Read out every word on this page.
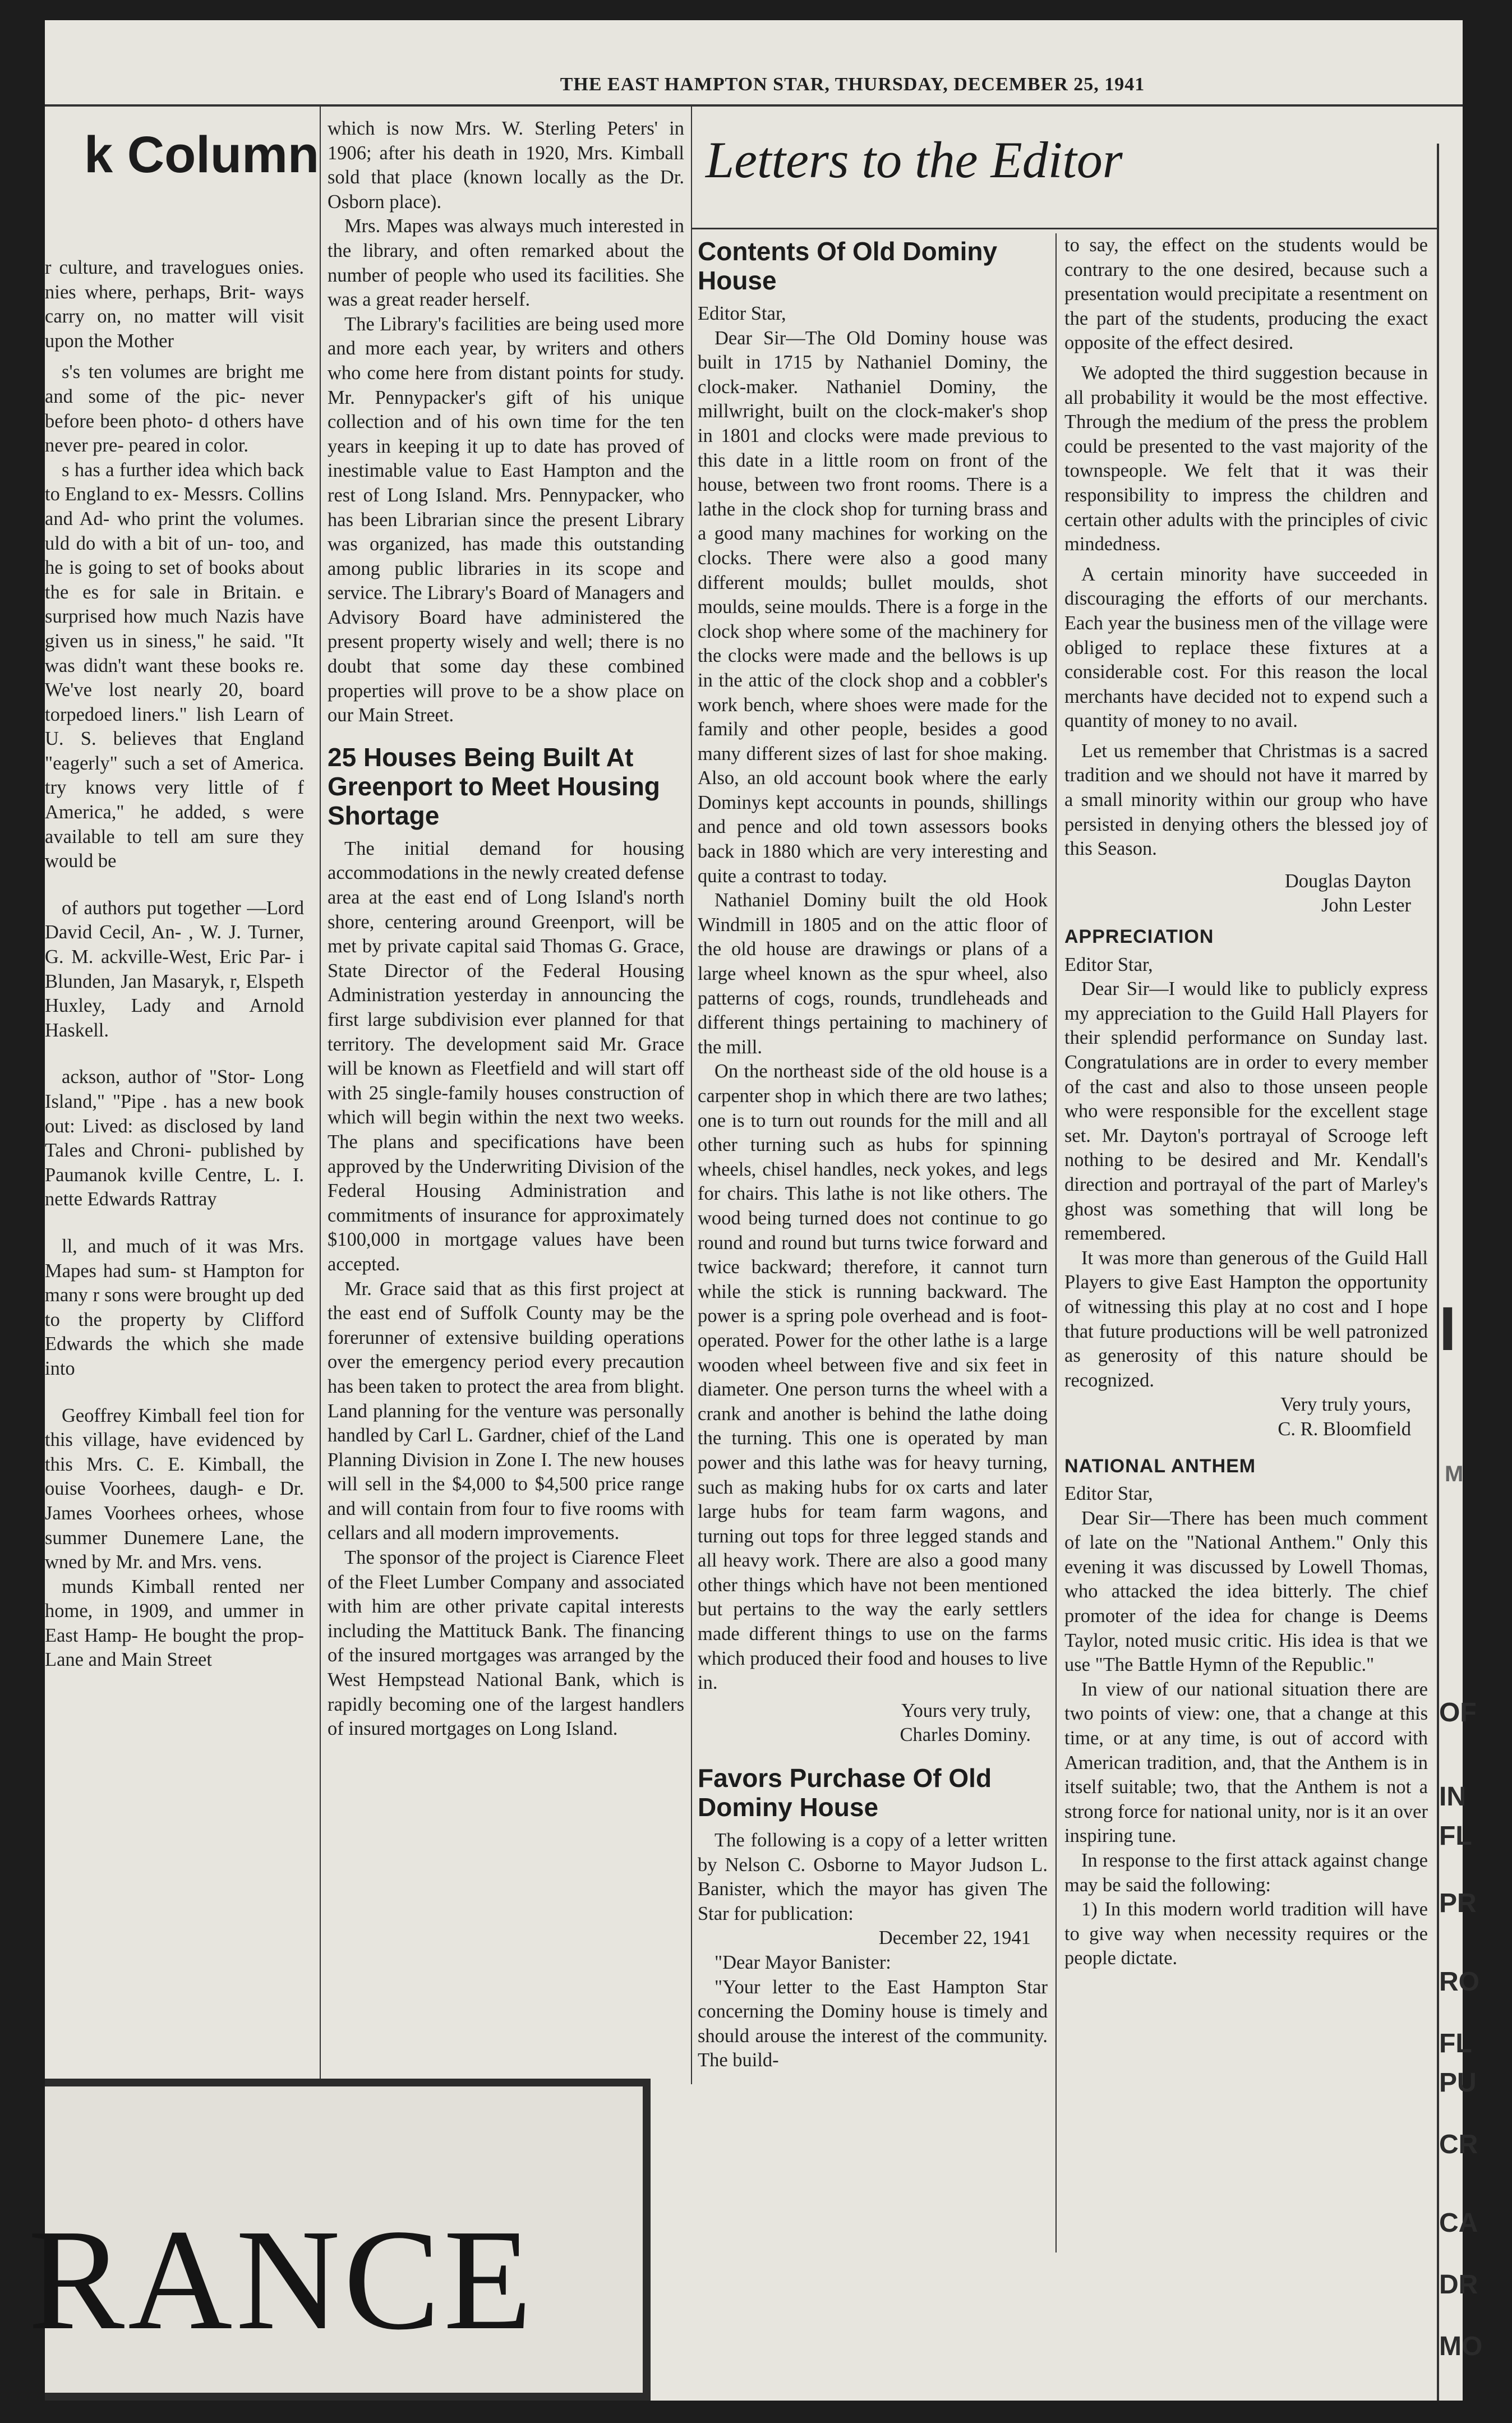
THE EAST HAMPTON STAR, THURSDAY, DECEMBER 25, 1941
k Column

r culture, and travelogues onies. nies where, perhaps, Brit- ways carry on, no matter will visit upon the Mother

s's ten volumes are bright me and some of the pic- never before been photo- d others have never pre- peared in color.

s has a further idea which back to England to ex- Messrs. Collins and Ad- who print the volumes. uld do with a bit of un- too, and he is going to set of books about the es for sale in Britain. e surprised how much Nazis have given us in siness," he said. "It was didn't want these books re. We've lost nearly 20, board torpedoed liners." lish Learn of U. S. believes that England "eagerly" such a set of America. try knows very little of f America," he added, s were available to tell am sure they would be

of authors put together —Lord David Cecil, An- , W. J. Turner, G. M. ackville-West, Eric Par- i Blunden, Jan Masaryk, r, Elspeth Huxley, Lady and Arnold Haskell.

ackson, author of "Stor- Long Island," "Pipe . has a new book out: Lived: as disclosed by land Tales and Chroni- published by Paumanok kville Centre, L. I. nette Edwards Rattray

ll, and much of it was Mrs. Mapes had sum- st Hampton for many r sons were brought up ded to the property by Clifford Edwards the which she made into

Geoffrey Kimball feel tion for this village, have evidenced by this Mrs. C. E. Kimball, the ouise Voorhees, daugh- e Dr. James Voorhees orhees, whose summer Dunemere Lane, the wned by Mr. and Mrs. vens.

munds Kimball rented ner home, in 1909, and ummer in East Hamp- He bought the prop- Lane and Main Street

which is now Mrs. W. Sterling Peters' in 1906; after his death in 1920, Mrs. Kimball sold that place (known locally as the Dr. Osborn place).

Mrs. Mapes was always much interested in the library, and often remarked about the number of people who used its facilities. She was a great reader herself.

The Library's facilities are being used more and more each year, by writers and others who come here from distant points for study. Mr. Pennypacker's gift of his unique collection and of his own time for the ten years in keeping it up to date has proved of inestimable value to East Hampton and the rest of Long Island. Mrs. Pennypacker, who has been Librarian since the present Library was organized, has made this outstanding among public libraries in its scope and service. The Library's Board of Managers and Advisory Board have administered the present property wisely and well; there is no doubt that some day these combined properties will prove to be a show place on our Main Street.

25 Houses Being Built At Greenport to Meet Housing Shortage

The initial demand for housing accommodations in the newly created defense area at the east end of Long Island's north shore, centering around Greenport, will be met by private capital said Thomas G. Grace, State Director of the Federal Housing Administration yesterday in announcing the first large subdivision ever planned for that territory. The development said Mr. Grace will be known as Fleetfield and will start off with 25 single-family houses construction of which will begin within the next two weeks. The plans and specifications have been approved by the Underwriting Division of the Federal Housing Administration and commitments of insurance for approximately $100,000 in mortgage values have been accepted.

Mr. Grace said that as this first project at the east end of Suffolk County may be the forerunner of extensive building operations over the emergency period every precaution has been taken to protect the area from blight. Land planning for the venture was personally handled by Carl L. Gardner, chief of the Land Planning Division in Zone I. The new houses will sell in the $4,000 to $4,500 price range and will contain from four to five rooms with cellars and all modern improvements.

The sponsor of the project is Ciarence Fleet of the Fleet Lumber Company and associated with him are other private capital interests including the Mattituck Bank. The financing of the insured mortgages was arranged by the West Hempstead National Bank, which is rapidly becoming one of the largest handlers of insured mortgages on Long Island.

Letters to the Editor
Contents Of Old Dominy House

Editor Star,

Dear Sir—The Old Dominy house was built in 1715 by Nathaniel Dominy, the clock-maker. Nathaniel Dominy, the millwright, built on the clock-maker's shop in 1801 and clocks were made previous to this date in a little room on front of the house, between two front rooms. There is a lathe in the clock shop for turning brass and a good many machines for working on the clocks. There were also a good many different moulds; bullet moulds, shot moulds, seine moulds. There is a forge in the clock shop where some of the machinery for the clocks were made and the bellows is up in the attic of the clock shop and a cobbler's work bench, where shoes were made for the family and other people, besides a good many different sizes of last for shoe making. Also, an old account book where the early Dominys kept accounts in pounds, shillings and pence and old town assessors books back in 1880 which are very interesting and quite a contrast to today.

Nathaniel Dominy built the old Hook Windmill in 1805 and on the attic floor of the old house are drawings or plans of a large wheel known as the spur wheel, also patterns of cogs, rounds, trundleheads and different things pertaining to machinery of the mill.

On the northeast side of the old house is a carpenter shop in which there are two lathes; one is to turn out rounds for the mill and all other turning such as hubs for spinning wheels, chisel handles, neck yokes, and legs for chairs. This lathe is not like others. The wood being turned does not continue to go round and round but turns twice forward and twice backward; therefore, it cannot turn while the stick is running backward. The power is a spring pole overhead and is foot-operated. Power for the other lathe is a large wooden wheel between five and six feet in diameter. One person turns the wheel with a crank and another is behind the lathe doing the turning. This one is operated by man power and this lathe was for heavy turning, such as making hubs for ox carts and later large hubs for team farm wagons, and turning out tops for three legged stands and all heavy work. There are also a good many other things which have not been mentioned but pertains to the way the early settlers made different things to use on the farms which produced their food and houses to live in.

Yours very truly,

Charles Dominy.

Favors Purchase Of Old Dominy House

The following is a copy of a letter written by Nelson C. Osborne to Mayor Judson L. Banister, which the mayor has given The Star for publication:

December 22, 1941

"Dear Mayor Banister:

"Your letter to the East Hampton Star concerning the Dominy house is timely and should arouse the interest of the community. The build-

to say, the effect on the students would be contrary to the one desired, because such a presentation would precipitate a resentment on the part of the students, producing the exact opposite of the effect desired.

We adopted the third suggestion because in all probability it would be the most effective. Through the medium of the press the problem could be presented to the vast majority of the townspeople. We felt that it was their responsibility to impress the children and certain other adults with the principles of civic mindedness.

A certain minority have succeeded in discouraging the efforts of our merchants. Each year the business men of the village were obliged to replace these fixtures at a considerable cost. For this reason the local merchants have decided not to expend such a quantity of money to no avail.

Let us remember that Christmas is a sacred tradition and we should not have it marred by a small minority within our group who have persisted in denying others the blessed joy of this Season.

Douglas Dayton

John Lester

APPRECIATION

Editor Star,

Dear Sir—I would like to publicly express my appreciation to the Guild Hall Players for their splendid performance on Sunday last. Congratulations are in order to every member of the cast and also to those unseen people who were responsible for the excellent stage set. Mr. Dayton's portrayal of Scrooge left nothing to be desired and Mr. Kendall's direction and portrayal of the part of Marley's ghost was something that will long be remembered.

It was more than generous of the Guild Hall Players to give East Hampton the opportunity of witnessing this play at no cost and I hope that future productions will be well patronized as generosity of this nature should be recognized.

Very truly yours,

C. R. Bloomfield

NATIONAL ANTHEM

Editor Star,

Dear Sir—There has been much comment of late on the "National Anthem." Only this evening it was discussed by Lowell Thomas, who attacked the idea bitterly. The chief promoter of the idea for change is Deems Taylor, noted music critic. His idea is that we use "The Battle Hymn of the Republic."

In view of our national situation there are two points of view: one, that a change at this time, or at any time, is out of accord with American tradition, and, that the Anthem is in itself suitable; two, that the Anthem is not a strong force for national unity, nor is it an over inspiring tune.

In response to the first attack against change may be said the following:

1) In this modern world tradition will have to give way when necessity requires or the people dictate.

I
M
OF
IN
FL
PR
RO
FL
PU
CR
CA
DR
MO
RANCE
